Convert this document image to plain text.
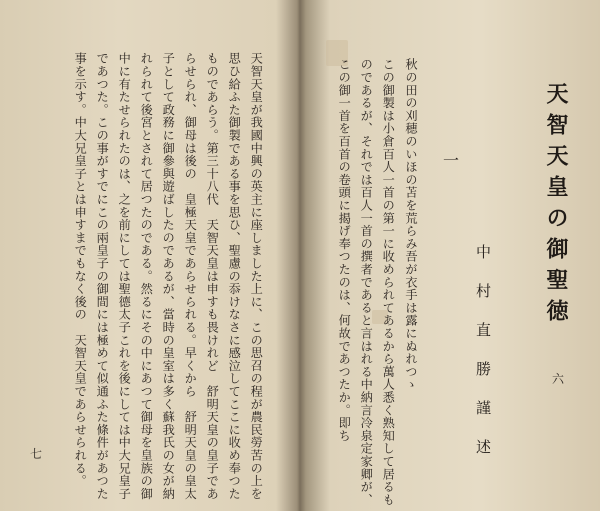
天智天皇の御聖徳
中村直勝謹述
一
秋の田の刈穂のいほの苫を荒らみ吾が衣手は露にぬれつゝ
この御製は小倉百人一首の第一に收められてあるから萬人悉く熟知して居るも
のであるが、それでは百人一首の撰者であると言はれる中納言冷泉定家卿が、
この御一首を百首の卷頭に揭げ奉つたのは、何故であつたか。即ち	六
天智天皇が我國中興の英主に座しました上に、この思召の程が農民勞苦の上を
思ひ給ふた御製である事を思ひ、聖慮の忝けなさに感泣してここに收め奉つた
ものであらう。第三十八代　天智天皇は申すも畏けれど　舒明天皇の皇子であ
らせられ、御母は後の　皇極天皇であらせられる。早くから　舒明天皇の皇太
子として政務に御參與遊ばしたのであるが、當時の皇室は多く蘇我氏の女が納
れられて後宮とされて居つたのである。然るにその中にあつて御母を皇族の御
中に有たせられたのは、之を前にしては聖德太子これを後にしては中大兄皇子
であつた。この事がすでにこの兩皇子の御間には極めて似通ふた條件があつた
事を示す。中大兄皇子とは申すまでもなく後の　天智天皇であらせられる。
七
